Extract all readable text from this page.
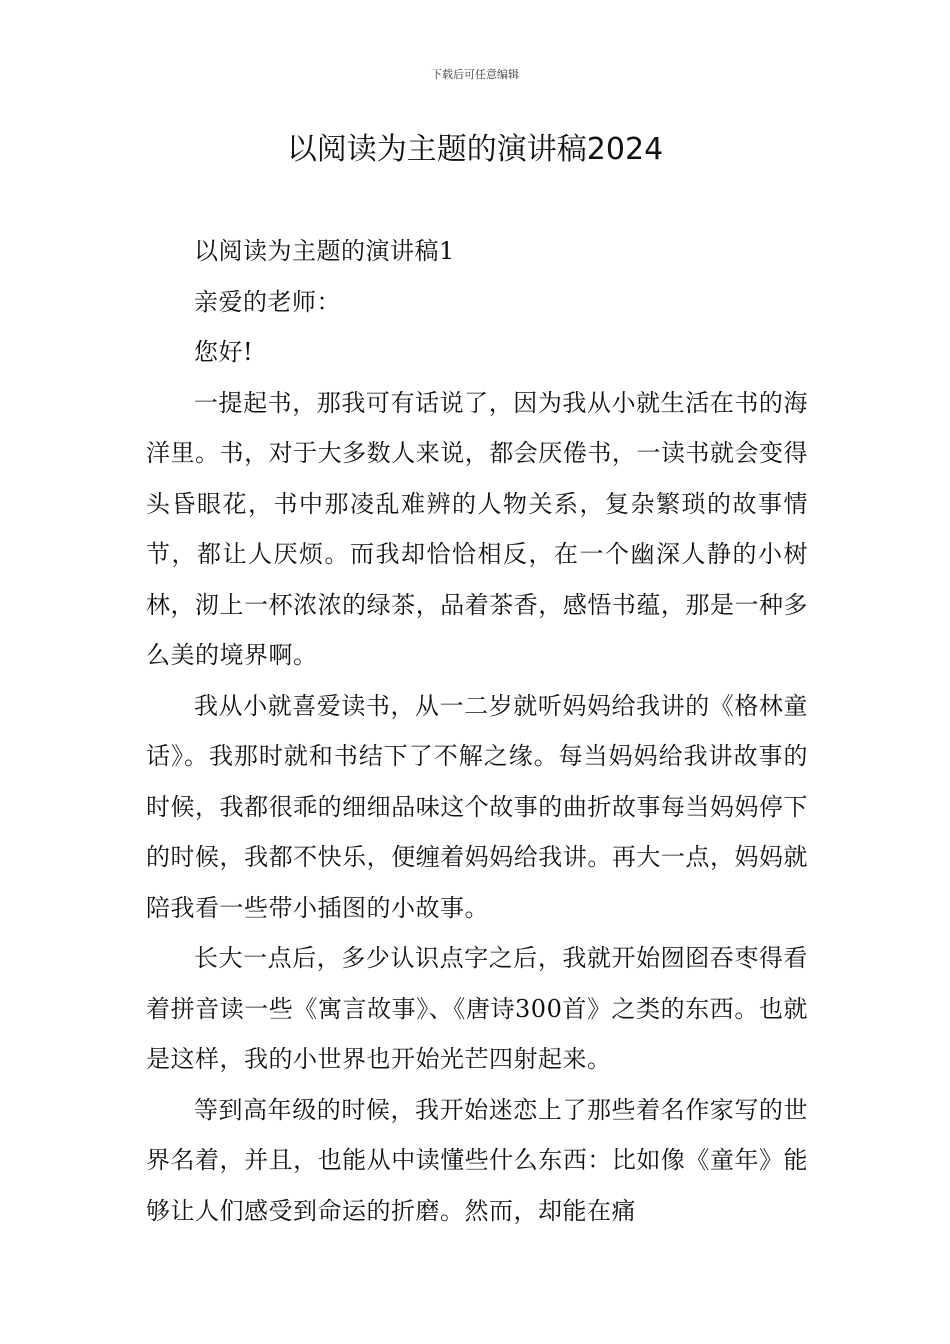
下载后可任意编辑
以阅读为主题的演讲稿2024

以阅读为主题的演讲稿1

亲爱的老师：

您好!

一提起书，那我可有话说了，因为我从小就生活在书的海洋里。书，对于大多数人来说，都会厌倦书，一读书就会变得头昏眼花，书中那凌乱难辨的人物关系，复杂繁琐的故事情节，都让人厌烦。而我却恰恰相反，在一个幽深人静的小树林，沏上一杯浓浓的绿茶，品着茶香，感悟书蕴，那是一种多么美的境界啊。

我从小就喜爱读书，从一二岁就听妈妈给我讲的《格林童话》。我那时就和书结下了不解之缘。每当妈妈给我讲故事的时候，我都很乖的细细品味这个故事的曲折故事每当妈妈停下的时候，我都不快乐，便缠着妈妈给我讲。再大一点，妈妈就陪我看一些带小插图的小故事。

长大一点后，多少认识点字之后，我就开始囫囵吞枣得看着拼音读一些《寓言故事》、《唐诗300首》之类的东西。也就是这样，我的小世界也开始光芒四射起来。

等到高年级的时候，我开始迷恋上了那些着名作家写的世界名着，并且，也能从中读懂些什么东西：比如像《童年》能够让人们感受到命运的折磨。然而，却能在痛
